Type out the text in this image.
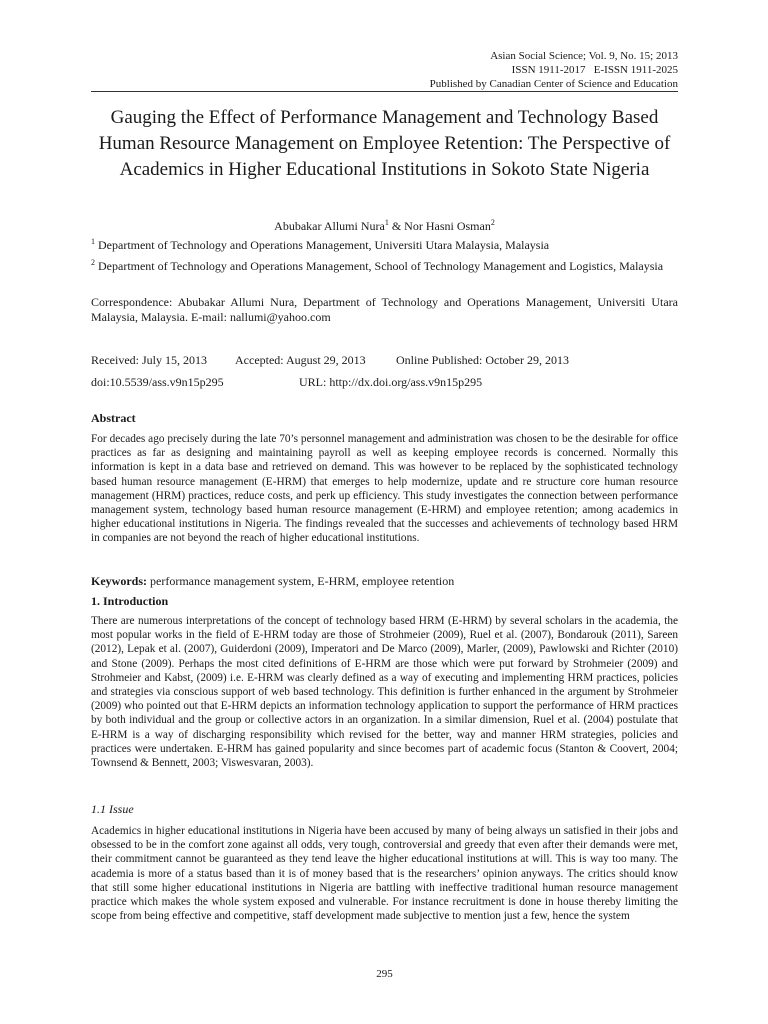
Asian Social Science; Vol. 9, No. 15; 2013
ISSN 1911-2017   E-ISSN 1911-2025
Published by Canadian Center of Science and Education
Gauging the Effect of Performance Management and Technology Based Human Resource Management on Employee Retention: The Perspective of Academics in Higher Educational Institutions in Sokoto State Nigeria
Abubakar Allumi Nura$^1$ & Nor Hasni Osman$^2$
$^1$ Department of Technology and Operations Management, Universiti Utara Malaysia, Malaysia
$^2$ Department of Technology and Operations Management, School of Technology Management and Logistics, Malaysia
Correspondence: Abubakar Allumi Nura, Department of Technology and Operations Management, Universiti Utara Malaysia, Malaysia. E-mail: nallumi@yahoo.com
Received: July 15, 2013 Accepted: August 29, 2013	Online Published: October 29, 2013
doi:10.5539/ass.v9n15p295	URL: http://dx.doi.org/ass.v9n15p295
Abstract

For decades ago precisely during the late 70’s personnel management and administration was chosen to be the desirable for office practices as far as designing and maintaining payroll as well as keeping employee records is concerned. Normally this information is kept in a data base and retrieved on demand. This was however to be replaced by the sophisticated technology based human resource management (E-HRM) that emerges to help modernize, update and re structure core human resource management (HRM) practices, reduce costs, and perk up efficiency. This study investigates the connection between performance management system, technology based human resource management (E-HRM) and employee retention; among academics in higher educational institutions in Nigeria. The findings revealed that the successes and achievements of technology based HRM in companies are not beyond the reach of higher educational institutions.

Keywords: performance management system, E-HRM, employee retention
1. Introduction

There are numerous interpretations of the concept of technology based HRM (E-HRM) by several scholars in the academia, the most popular works in the field of E-HRM today are those of Strohmeier (2009), Ruel et al. (2007), Bondarouk (2011), Sareen (2012), Lepak et al. (2007), Guiderdoni (2009), Imperatori and De Marco (2009), Marler, (2009), Pawlowski and Richter (2010) and Stone (2009). Perhaps the most cited definitions of E-HRM are those which were put forward by Strohmeier (2009) and Strohmeier and Kabst, (2009) i.e. E-HRM was clearly defined as a way of executing and implementing HRM practices, policies and strategies via conscious support of web based technology. This definition is further enhanced in the argument by Strohmeier (2009) who pointed out that E-HRM depicts an information technology application to support the performance of HRM practices by both individual and the group or collective actors in an organization. In a similar dimension, Ruel et al. (2004) postulate that E-HRM is a way of discharging responsibility which revised for the better, way and manner HRM strategies, policies and practices were undertaken. E-HRM has gained popularity and since becomes part of academic focus (Stanton & Coovert, 2004; Townsend & Bennett, 2003; Viswesvaran, 2003).

1.1 Issue

Academics in higher educational institutions in Nigeria have been accused by many of being always un satisfied in their jobs and obsessed to be in the comfort zone against all odds, very tough, controversial and greedy that even after their demands were met, their commitment cannot be guaranteed as they tend leave the higher educational institutions at will. This is way too many. The academia is more of a status based than it is of money based that is the researchers’ opinion anyways. The critics should know that still some higher educational institutions in Nigeria are battling with ineffective traditional human resource management practice which makes the whole system exposed and vulnerable. For instance recruitment is done in house thereby limiting the scope from being effective and competitive, staff development made subjective to mention just a few, hence the system

295
